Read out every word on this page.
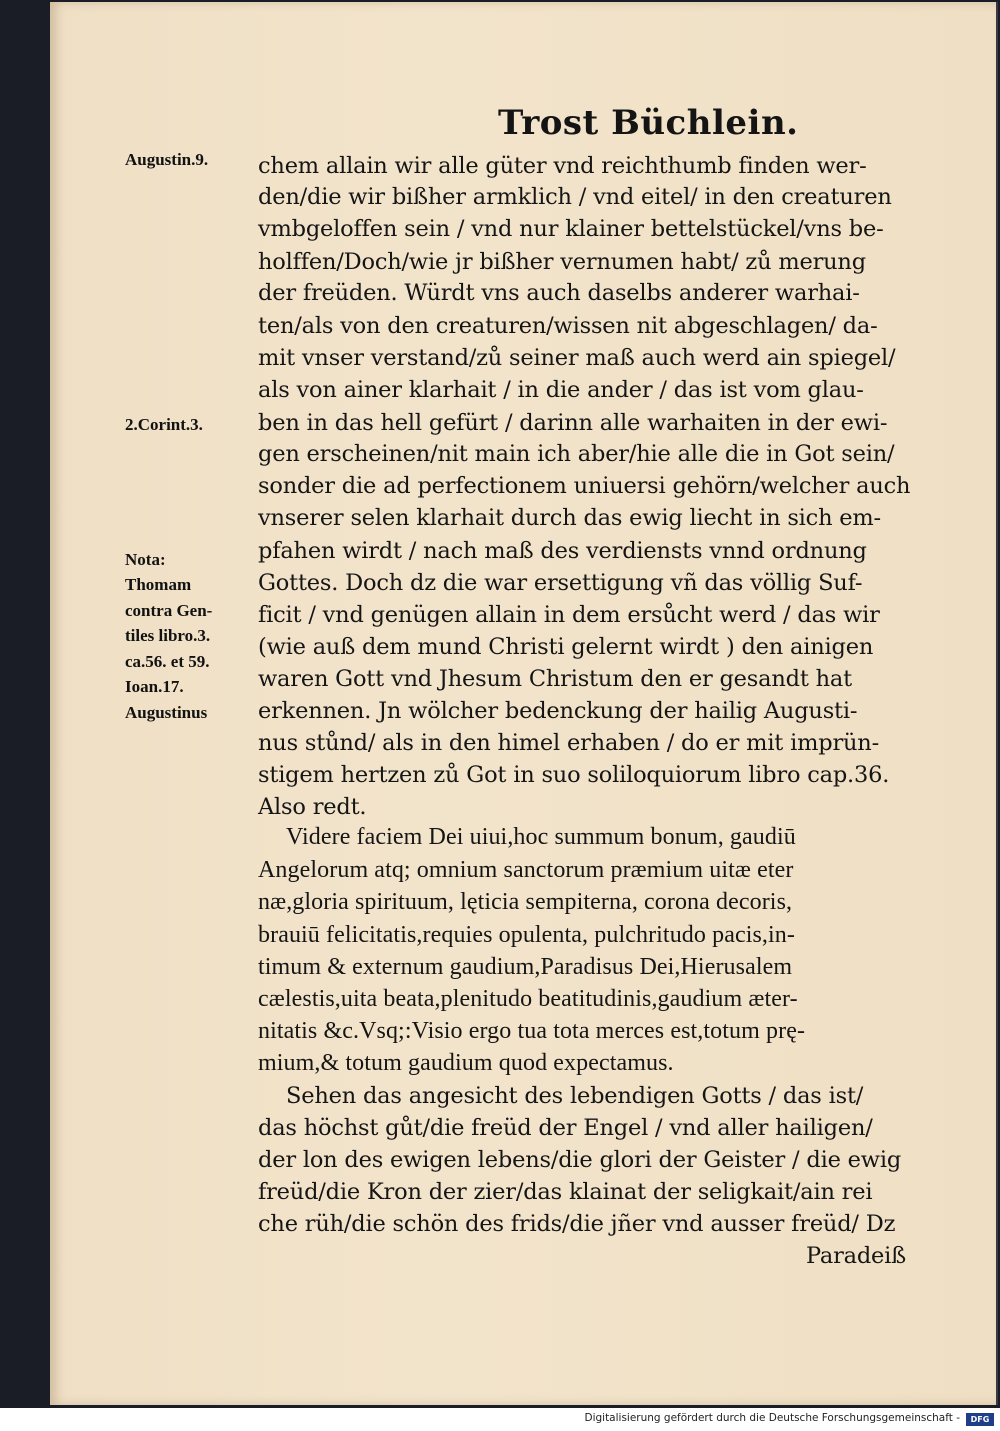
Trost Büchlein.

Augustin.9.

2.Corint.3.

Nota:

Thomam

contra Gen-

tiles libro.3.

ca.56. et 59.

Ioan.17.

Augustinus

chem allain wir alle güter vnd reichthumb finden wer-

den/die wir bißher armklich / vnd eitel/ in den creaturen

vmbgeloffen sein / vnd nur klainer bettelstückel/vns be-

holffen/Doch/wie jr bißher vernumen habt/ zů merung

der freüden. Würdt vns auch daselbs anderer warhai-

ten/als von den creaturen/wissen nit abgeschlagen/ da-

mit vnser verstand/zů seiner maß auch werd ain spiegel/

als von ainer klarhait / in die ander / das ist vom glau-

ben in das hell gefürt / darinn alle warhaiten in der ewi-

gen erscheinen/nit main ich aber/hie alle die in Got sein/

sonder die ad perfectionem uniuersi gehörn/welcher auch

vnserer selen klarhait durch das ewig liecht in sich em-

pfahen wirdt / nach maß des verdiensts vnnd ordnung

Gottes. Doch dz die war ersettigung vñ das völlig Suf-

ficit / vnd genügen allain in dem ersůcht werd / das wir

(wie auß dem mund Christi gelernt wirdt ) den ainigen

waren Gott vnd Jhesum Christum den er gesandt hat

erkennen. Jn wölcher bedenckung der hailig Augusti-

nus stůnd/ als in den himel erhaben / do er mit imprün-

stigem hertzen zů Got in suo soliloquiorum libro cap.36.

Also redt.

Videre faciem Dei uiui,hoc summum bonum, gaudiū

Angelorum atq; omnium sanctorum præmium uitæ eter

næ,gloria spirituum, lęticia sempiterna, corona decoris,

brauiū felicitatis,requies opulenta, pulchritudo pacis,in-

timum & externum gaudium,Paradisus Dei,Hierusalem

cælestis,uita beata,plenitudo beatitudinis,gaudium æter-

nitatis &c.Vsq;:Visio ergo tua tota merces est,totum prę-

mium,& totum gaudium quod expectamus.

Sehen das angesicht des lebendigen Gotts / das ist/

das höchst gůt/die freüd der Engel / vnd aller hailigen/

der lon des ewigen lebens/die glori der Geister / die ewig

freüd/die Kron der zier/das klainat der seligkait/ain rei

che rüh/die schön des frids/die jñer vnd ausser freüd/ Dz

Paradeiß

Digitalisierung gefördert durch die Deutsche Forschungsgemeinschaft -	DFG
